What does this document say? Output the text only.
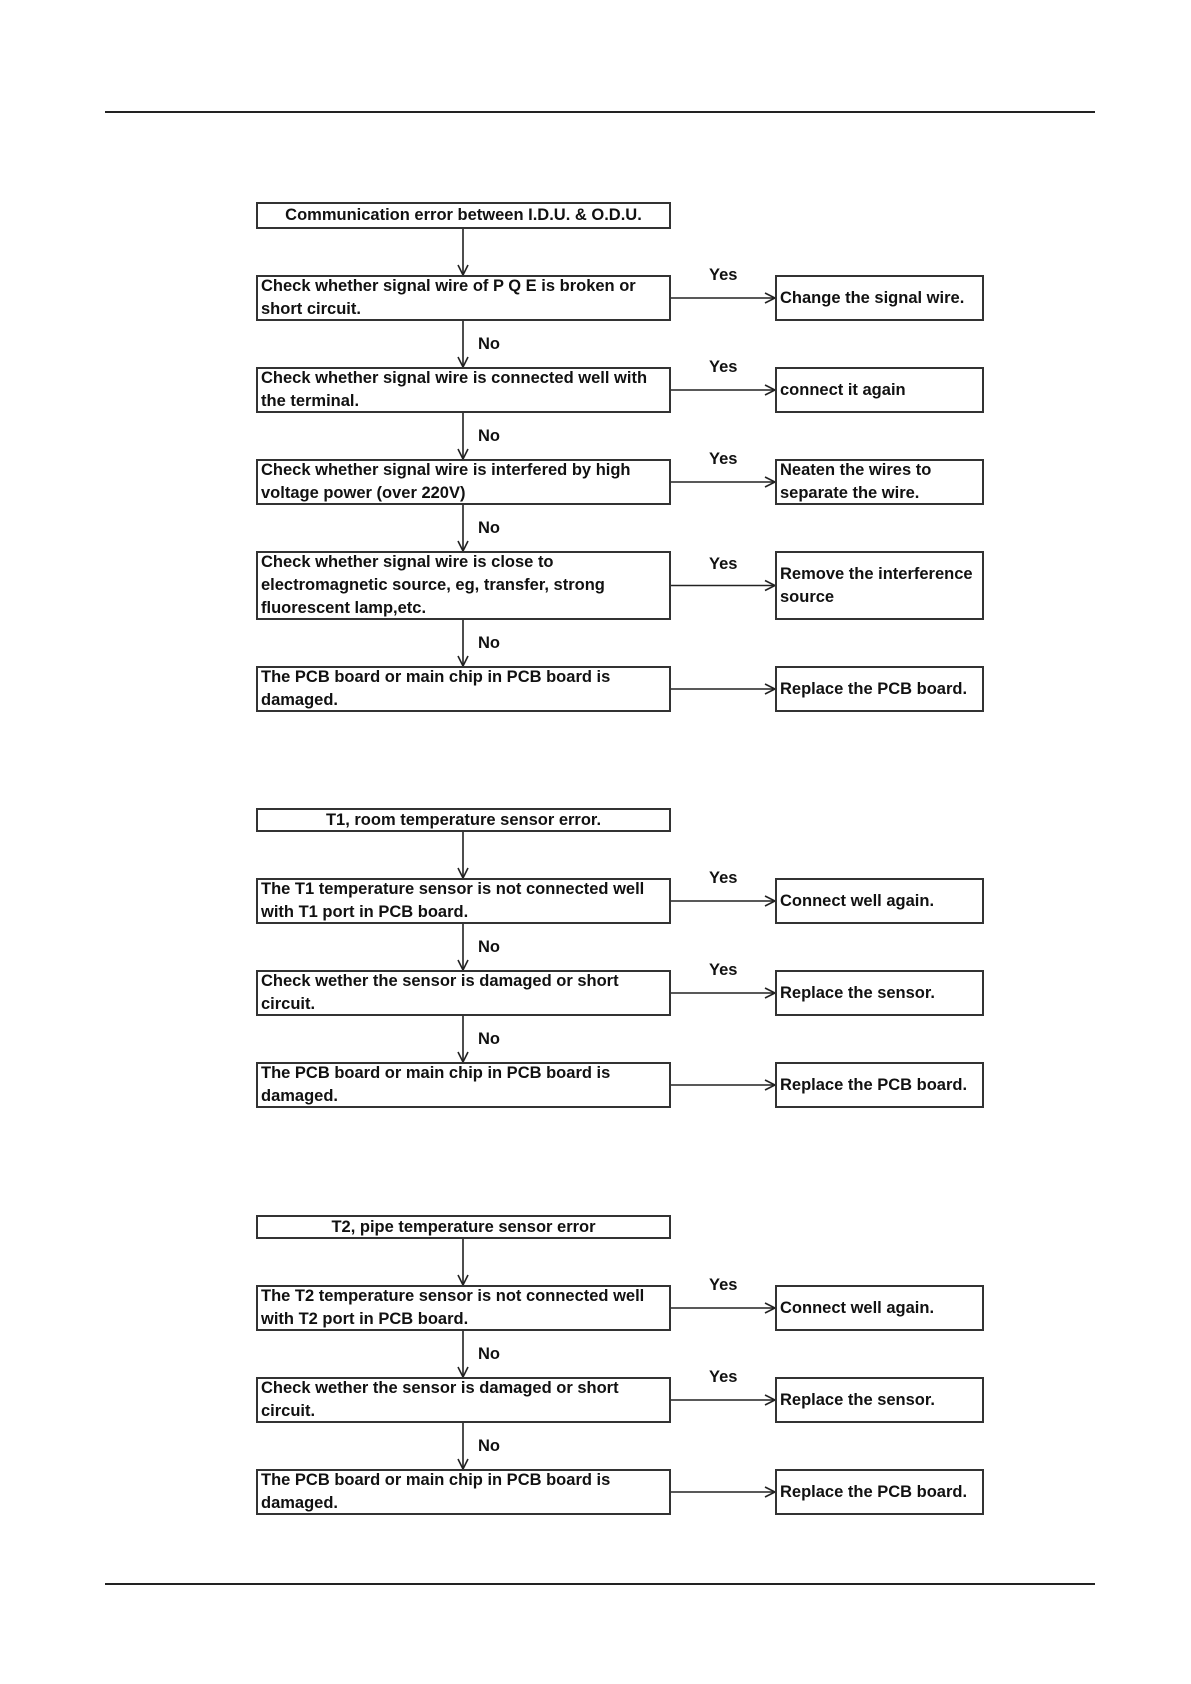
Communication error between I.D.U. & O.D.U.
Check whether signal wire of P Q E is broken or short circuit.
Change the signal wire.
Yes
No
Check whether signal wire is connected well with the terminal.
connect it again
Yes
No
Check whether signal wire is interfered by high voltage power (over 220V)
Neaten the wires to separate the wire.
Yes
No
Check whether signal wire is close to electromagnetic source, eg, transfer, strong fluorescent lamp,etc.
Remove the interference source
Yes
No
The PCB board or main chip in PCB board is damaged.
Replace the PCB board.
T1, room temperature sensor error.
The T1 temperature sensor is not connected well with T1 port in PCB board.
Connect well again.
Yes
No
Check wether the sensor is damaged or short circuit.
Replace the sensor.
Yes
No
The PCB board or main chip in PCB board is damaged.
Replace the PCB board.
T2, pipe temperature sensor error
The T2 temperature sensor is not connected well with T2 port in PCB board.
Connect well again.
Yes
No
Check wether the sensor is damaged or short circuit.
Replace the sensor.
Yes
No
The PCB board or main chip in PCB board is damaged.
Replace the PCB board.
